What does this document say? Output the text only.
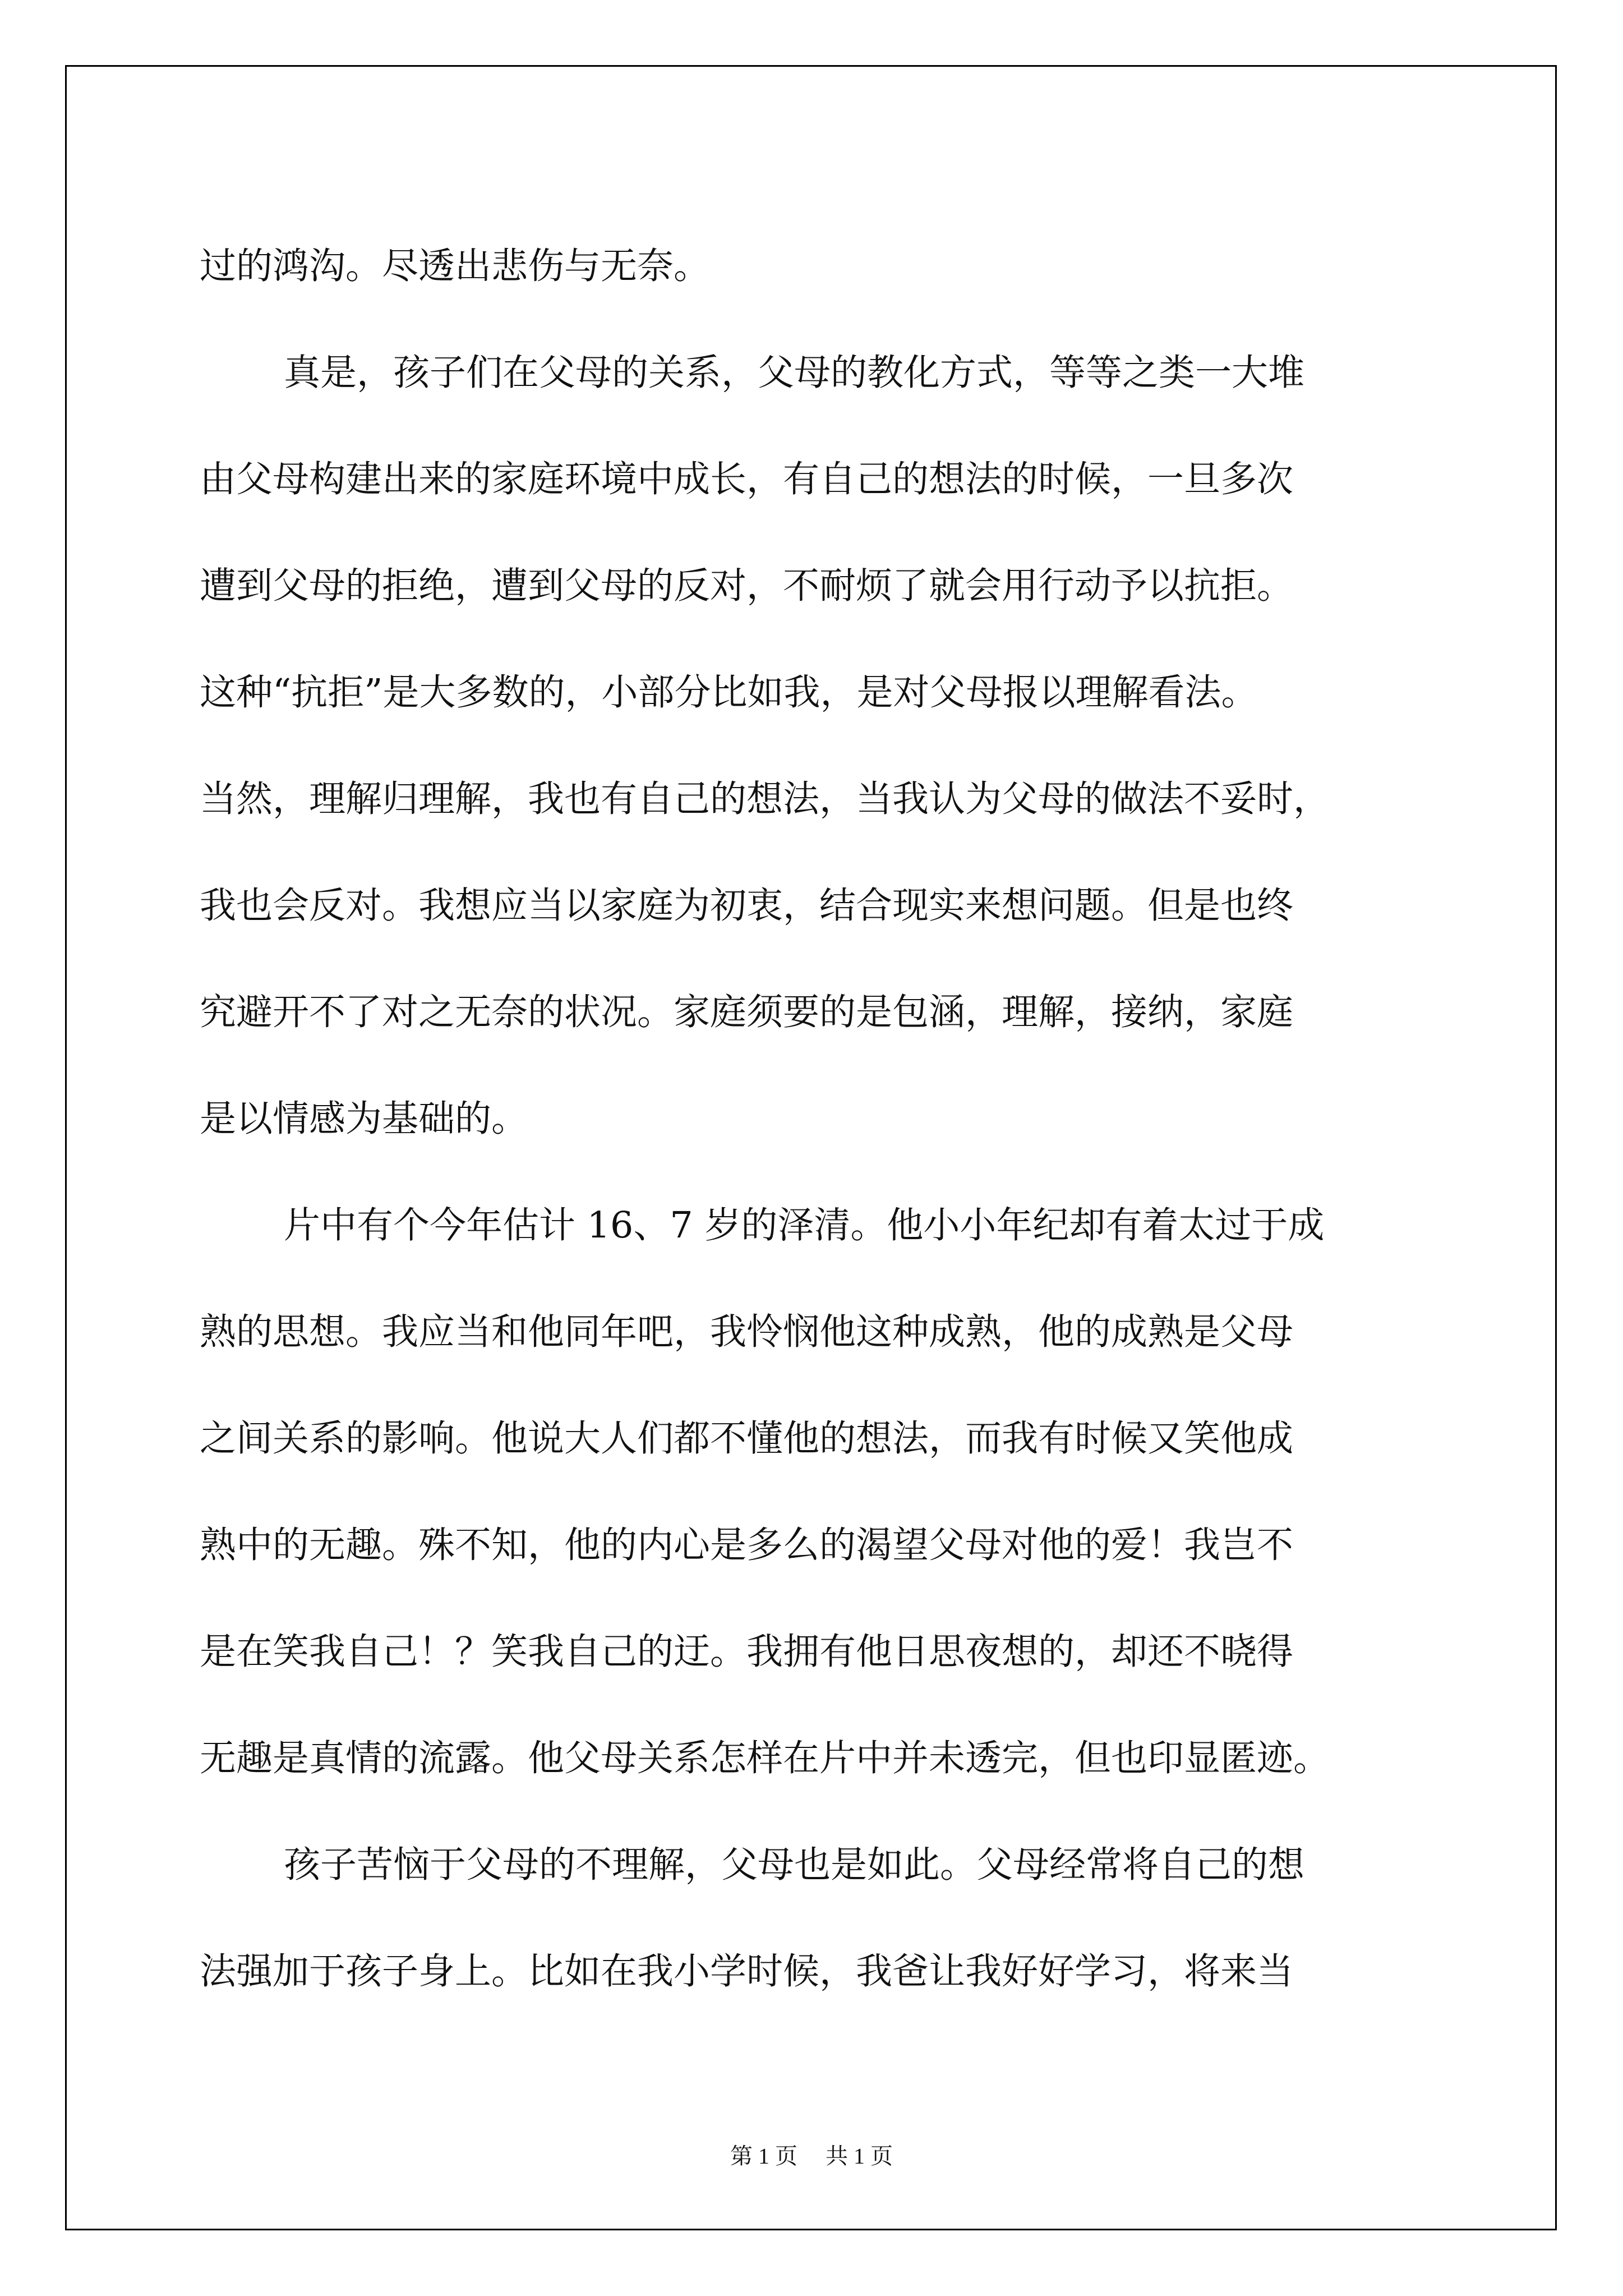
过的鸿沟。尽透出悲伤与无奈。
真是，孩子们在父母的关系，父母的教化方式，等等之类一大堆
由父母构建出来的家庭环境中成长，有自己的想法的时候，一旦多次
遭到父母的拒绝，遭到父母的反对，不耐烦了就会用行动予以抗拒。
这种“抗拒”是大多数的，小部分比如我，是对父母报以理解看法。
当然，理解归理解，我也有自己的想法，当我认为父母的做法不妥时，
我也会反对。我想应当以家庭为初衷，结合现实来想问题。但是也终
究避开不了对之无奈的状况。家庭须要的是包涵，理解，接纳，家庭
是以情感为基础的。
片中有个今年估计 16、7 岁的泽清。他小小年纪却有着太过于成
熟的思想。我应当和他同年吧，我怜悯他这种成熟，他的成熟是父母
之间关系的影响。他说大人们都不懂他的想法，而我有时候又笑他成
熟中的无趣。殊不知，他的内心是多么的渴望父母对他的爱！我岂不
是在笑我自己！？笑我自己的迂。我拥有他日思夜想的，却还不晓得
无趣是真情的流露。他父母关系怎样在片中并未透完，但也印显匿迹。
孩子苦恼于父母的不理解，父母也是如此。父母经常将自己的想
法强加于孩子身上。比如在我小学时候，我爸让我好好学习，将来当
第 1 页 共 1 页
